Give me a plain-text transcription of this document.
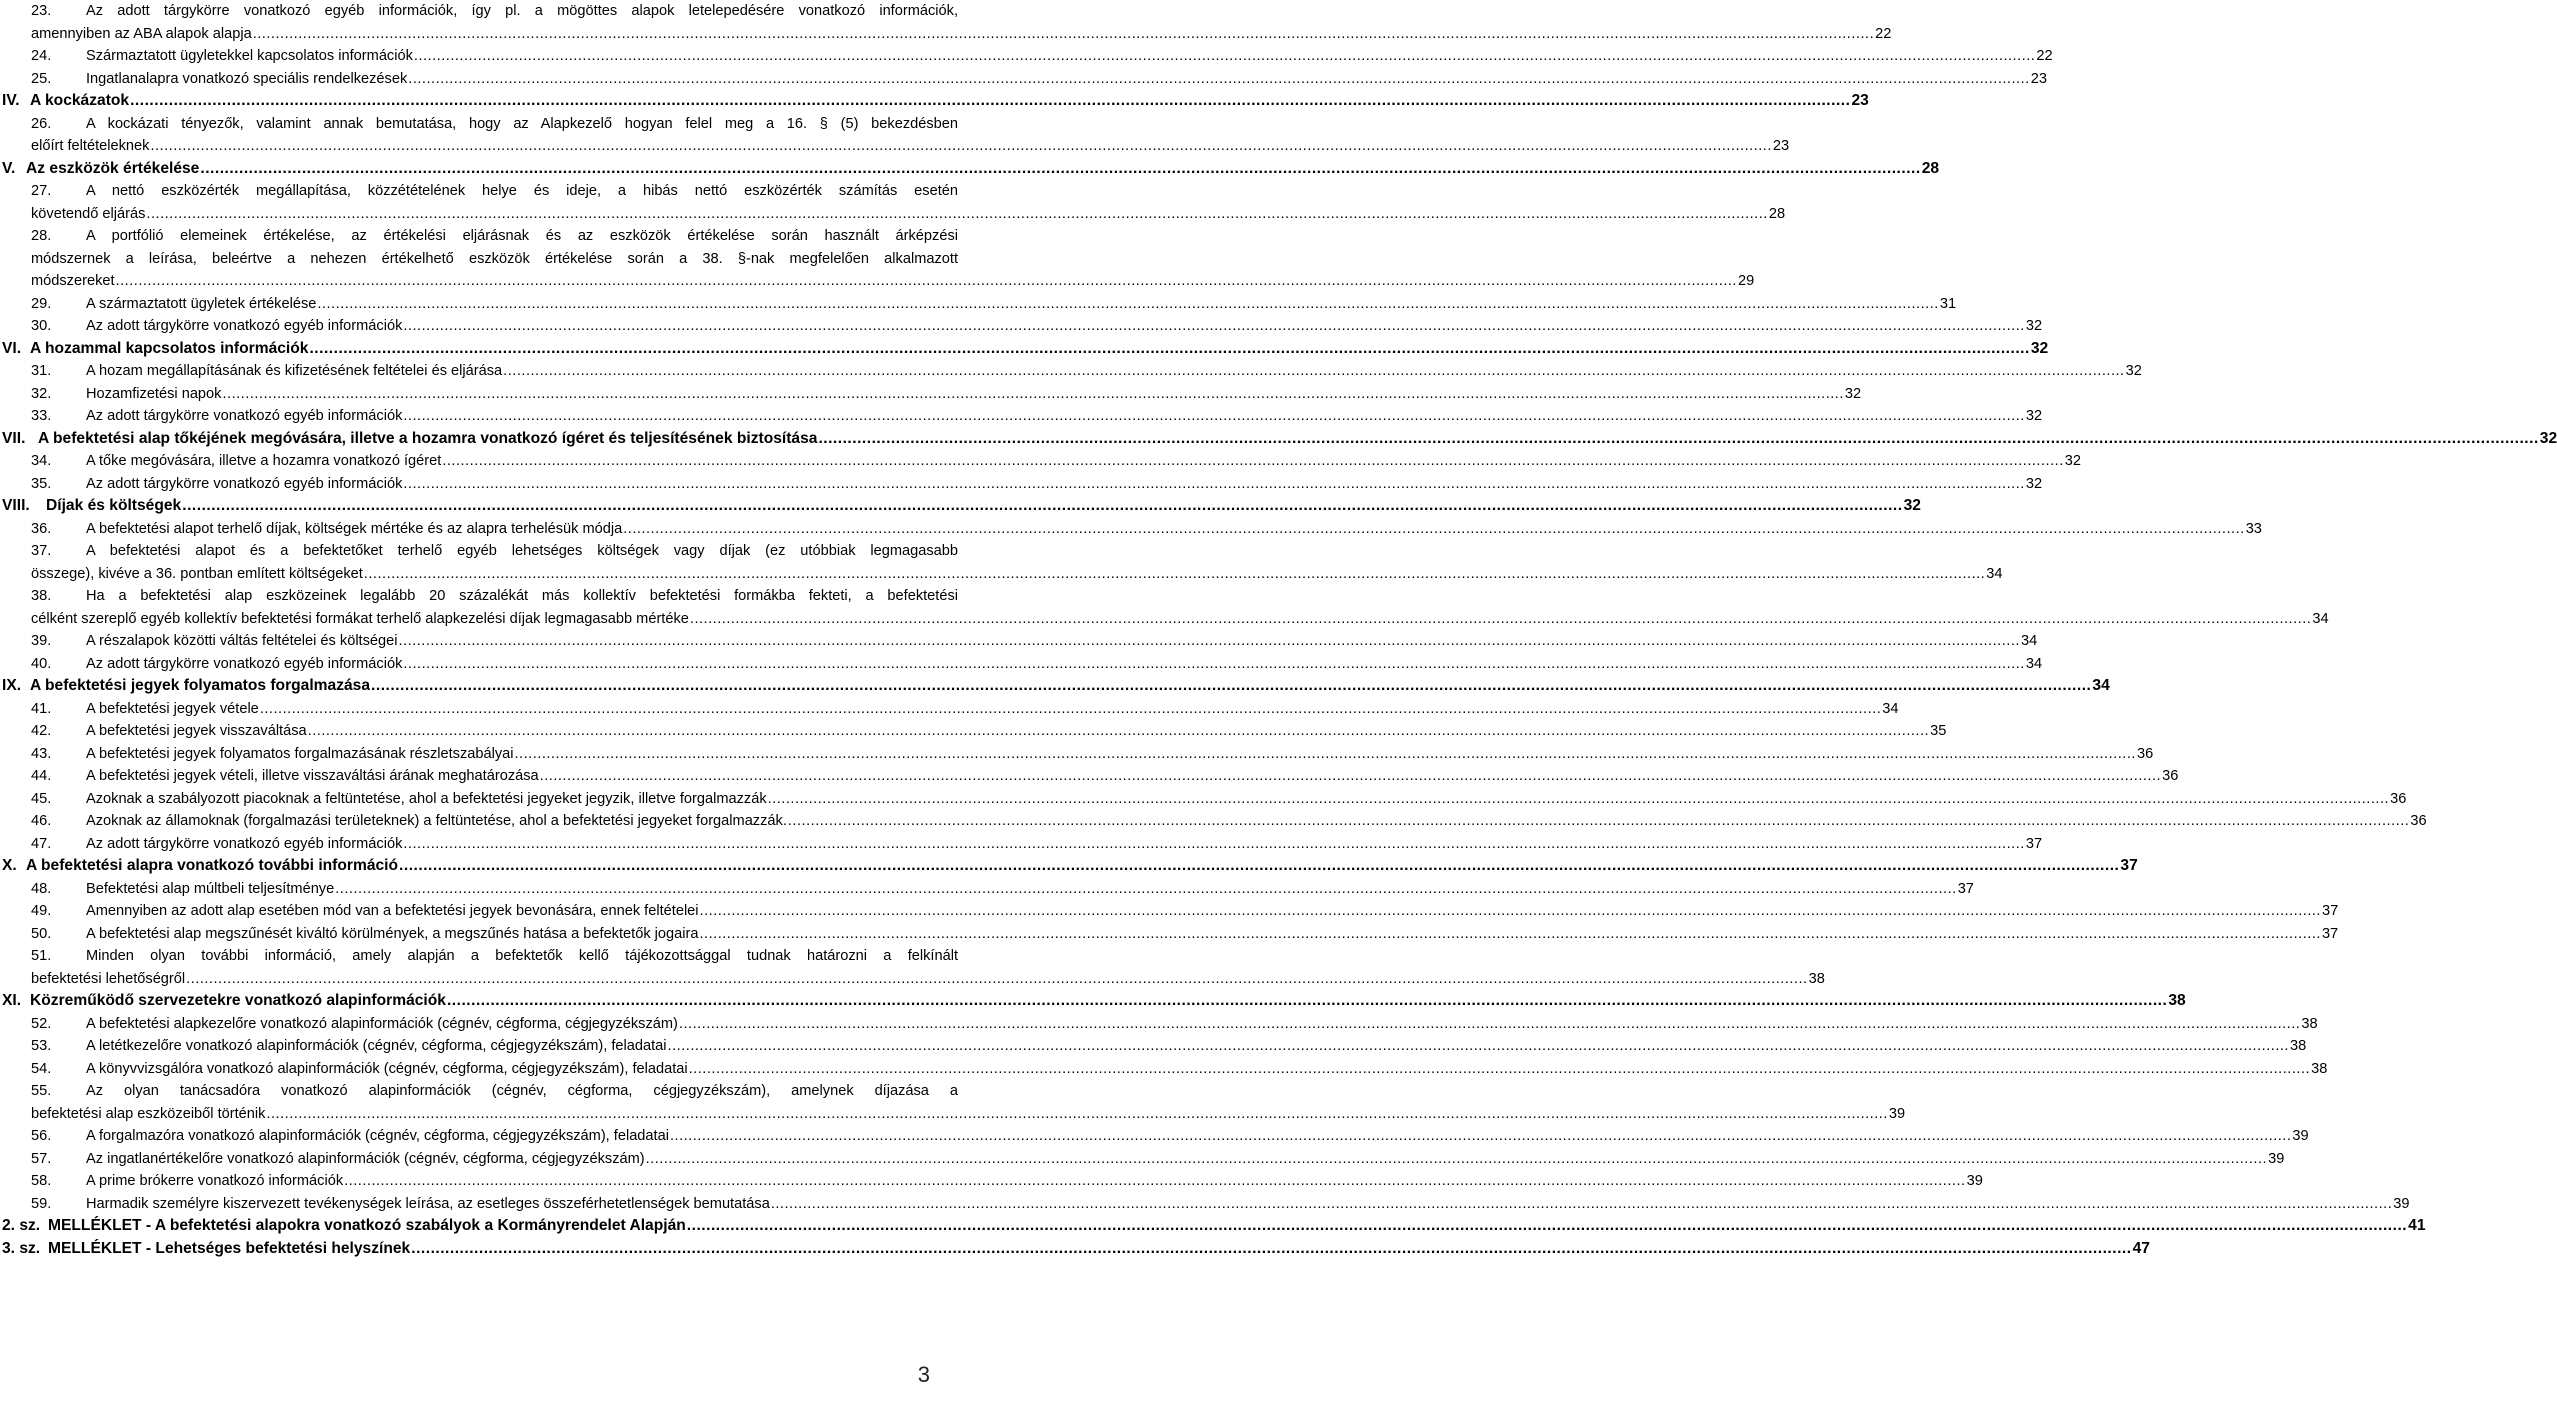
23. Az adott tárgykörre vonatkozó egyéb információk, így pl. a mögöttes alapok letelepedésére vonatkozó információk,
amennyiben az ABA alapok alapja .....	22
24. Származtatott ügyletekkel kapcsolatos információk .....	22
25. Ingatlanalapra vonatkozó speciális rendelkezések .....	23
IV. A kockázatok .....	23
26. A kockázati tényezők, valamint annak bemutatása, hogy az Alapkezelő hogyan felel meg a 16. § (5) bekezdésben
előírt feltételeknek .....	23
V. Az eszközök értékelése .....	28
27. A nettó eszközérték megállapítása, közzétételének helye és ideje, a hibás nettó eszközérték számítás esetén
követendő eljárás .....	28
28. A portfólió elemeinek értékelése, az értékelési eljárásnak és az eszközök értékelése során használt árképzési
módszernek a leírása, beleértve a nehezen értékelhető eszközök értékelése során a 38. §-nak megfelelően alkalmazott
módszereket .....	29
29. A származtatott ügyletek értékelése .....	31
30. Az adott tárgykörre vonatkozó egyéb információk .....	32
VI. A hozammal kapcsolatos információk .....	32
31. A hozam megállapításának és kifizetésének feltételei és eljárása .....	32
32. Hozamfizetési napok .....	32
33. Az adott tárgykörre vonatkozó egyéb információk .....	32
VII. A befektetési alap tőkéjének megóvására, illetve a hozamra vonatkozó ígéret és teljesítésének biztosítása .....	32
34. A tőke megóvására, illetve a hozamra vonatkozó ígéret .....	32
35. Az adott tárgykörre vonatkozó egyéb információk .....	32
VIII. Díjak és költségek .....	32
36. A befektetési alapot terhelő díjak, költségek mértéke és az alapra terhelésük módja .....	33
37. A befektetési alapot és a befektetőket terhelő egyéb lehetséges költségek vagy díjak (ez utóbbiak legmagasabb
összege), kivéve a 36. pontban említett költségeket .....	34
38. Ha a befektetési alap eszközeinek legalább 20 százalékát más kollektív befektetési formákba fekteti, a befektetési
célként szereplő egyéb kollektív befektetési formákat terhelő alapkezelési díjak legmagasabb mértéke .....	34
39. A részalapok közötti váltás feltételei és költségei .....	34
40. Az adott tárgykörre vonatkozó egyéb információk .....	34
IX. A befektetési jegyek folyamatos forgalmazása .....	34
41. A befektetési jegyek vétele .....	34
42. A befektetési jegyek visszaváltása .....	35
43. A befektetési jegyek folyamatos forgalmazásának részletszabályai .....	36
44. A befektetési jegyek vételi, illetve visszaváltási árának meghatározása .....	36
45. Azoknak a szabályozott piacoknak a feltüntetése, ahol a befektetési jegyeket jegyzik, illetve forgalmazzák .....	36
46. Azoknak az államoknak (forgalmazási területeknek) a feltüntetése, ahol a befektetési jegyeket forgalmazzák. .....	36
47. Az adott tárgykörre vonatkozó egyéb információk .....	37
X. A befektetési alapra vonatkozó további információ .....	37
48. Befektetési alap múltbeli teljesítménye .....	37
49. Amennyiben az adott alap esetében mód van a befektetési jegyek bevonására, ennek feltételei .....	37
50. A befektetési alap megszűnését kiváltó körülmények, a megszűnés hatása a befektetők jogaira .....	37
51. Minden olyan további információ, amely alapján a befektetők kellő tájékozottsággal tudnak határozni a felkínált
befektetési lehetőségről .....	38
XI. Közreműködő szervezetekre vonatkozó alapinformációk .....	38
52. A befektetési alapkezelőre vonatkozó alapinformációk (cégnév, cégforma, cégjegyzékszám) .....	38
53. A letétkezelőre vonatkozó alapinformációk (cégnév, cégforma, cégjegyzékszám), feladatai .....	38
54. A könyvvizsgálóra vonatkozó alapinformációk (cégnév, cégforma, cégjegyzékszám), feladatai .....	38
55. Az olyan tanácsadóra vonatkozó alapinformációk (cégnév, cégforma, cégjegyzékszám), amelynek díjazása a
befektetési alap eszközeiből történik .....	39
56. A forgalmazóra vonatkozó alapinformációk (cégnév, cégforma, cégjegyzékszám), feladatai .....	39
57. Az ingatlanértékelőre vonatkozó alapinformációk (cégnév, cégforma, cégjegyzékszám) .....	39
58. A prime brókerre vonatkozó információk .....	39
59. Harmadik személyre kiszervezett tevékenységek leírása, az esetleges összeférhetetlenségek bemutatása .....	39
2. sz. MELLÉKLET - A befektetési alapokra vonatkozó szabályok a Kormányrendelet Alapján .....	41
3. sz. MELLÉKLET - Lehetséges befektetési helyszínek .....	47
3
